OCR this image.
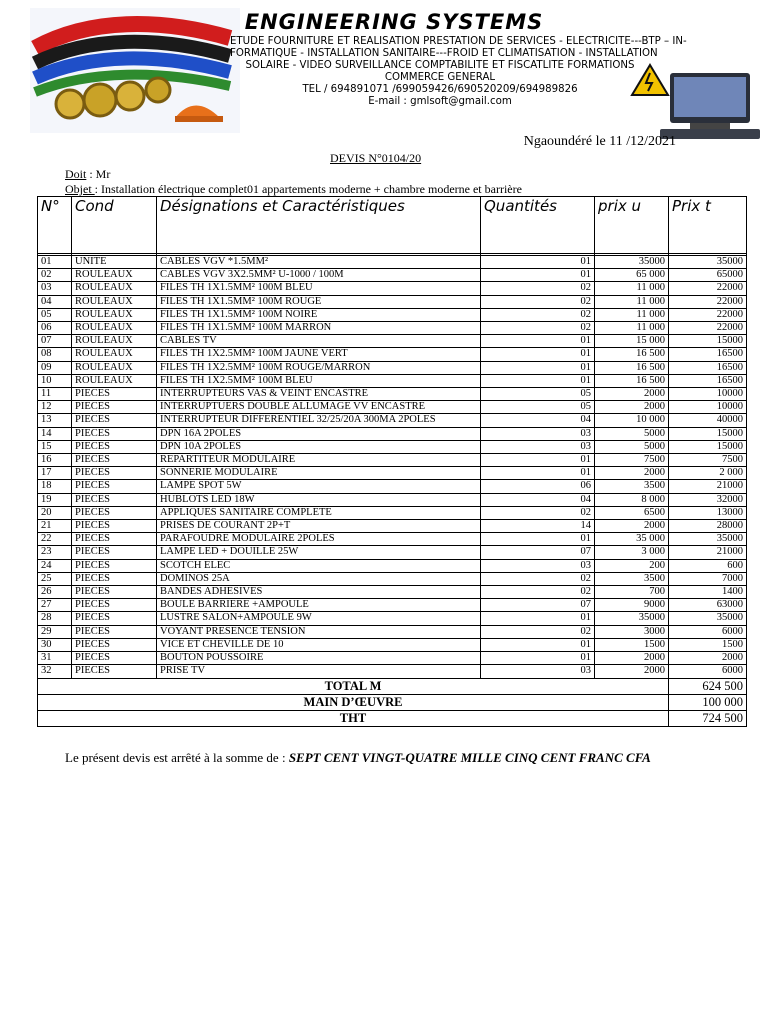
ENGINEERING SYSTEMS
ETUDE FOURNITURE ET REALISATION PRESTATION DE SERVICES - ELECTRICITE---BTP – IN-
FORMATIQUE - INSTALLATION SANITAIRE---FROID ET CLIMATISATION - INSTALLATION
SOLAIRE - VIDEO SURVEILLANCE COMPTABILITE ET FISCATLITE FORMATIONS
COMMERCE GENERAL
TEL / 694891071 /699059426/690520209/694989826
E-mail : gmlsoft@gmail.com
Ngaoundéré le 11 /12/2021
DEVIS N°0104/20
Doit : Mr
Objet : Installation électrique complet01 appartements moderne + chambre moderne et barrière
N°	Cond	Désignations et Caractéristiques	Quantités	prix u	Prix t

01	UNITE	CABLES VGV *1.5MM²	01	35000	35000
02	ROULEAUX	CABLES VGV 3X2.5MM² U-1000 / 100M	01	65 000	65000
03	ROULEAUX	FILES TH 1X1.5MM² 100M BLEU	02	11 000	22000
04	ROULEAUX	FILES TH 1X1.5MM² 100M ROUGE	02	11 000	22000
05	ROULEAUX	FILES TH 1X1.5MM² 100M NOIRE	02	11 000	22000
06	ROULEAUX	FILES TH 1X1.5MM² 100M MARRON	02	11 000	22000
07	ROULEAUX	CABLES TV	01	15 000	15000
08	ROULEAUX	FILES TH 1X2.5MM² 100M JAUNE VERT	01	16 500	16500
09	ROULEAUX	FILES TH 1X2.5MM² 100M ROUGE/MARRON	01	16 500	16500
10	ROULEAUX	FILES TH 1X2.5MM² 100M BLEU	01	16 500	16500
11	PIECES	INTERRUPTEURS VAS & VEINT ENCASTRE	05	2000	10000
12	PIECES	INTERRUPTUERS DOUBLE ALLUMAGE VV ENCASTRE	05	2000	10000
13	PIECES	INTERRUPTEUR DIFFERENTIEL 32/25/20A 300MA 2POLES	04	10 000	40000
14	PIECES	DPN 16A 2POLES	03	5000	15000
15	PIECES	DPN 10A 2POLES	03	5000	15000
16	PIECES	REPARTITEUR MODULAIRE	01	7500	7500
17	PIECES	SONNERIE MODULAIRE	01	2000	2 000
18	PIECES	LAMPE SPOT 5W	06	3500	21000
19	PIECES	HUBLOTS LED 18W	04	8 000	32000
20	PIECES	APPLIQUES SANITAIRE COMPLETE	02	6500	13000
21	PIECES	PRISES DE COURANT 2P+T	14	2000	28000
22	PIECES	PARAFOUDRE MODULAIRE 2POLES	01	35 000	35000
23	PIECES	LAMPE LED + DOUILLE 25W	07	3 000	21000
24	PIECES	SCOTCH ELEC	03	200	600
25	PIECES	DOMINOS 25A	02	3500	7000
26	PIECES	BANDES ADHESIVES	02	700	1400
27	PIECES	BOULE BARRIERE +AMPOULE	07	9000	63000
28	PIECES	LUSTRE SALON+AMPOULE 9W	01	35000	35000
29	PIECES	VOYANT PRESENCE TENSION	02	3000	6000
30	PIECES	VICE ET CHEVILLE DE 10	01	1500	1500
31	PIECES	BOUTON POUSSOIRE	01	2000	2000
32	PIECES	PRISE TV	03	2000	6000
TOTAL M					624 500
MAIN D’ŒUVRE					100 000
THT					724 500
Le présent devis est arrêté à la somme de : SEPT CENT VINGT-QUATRE MILLE CINQ CENT FRANC CFA
